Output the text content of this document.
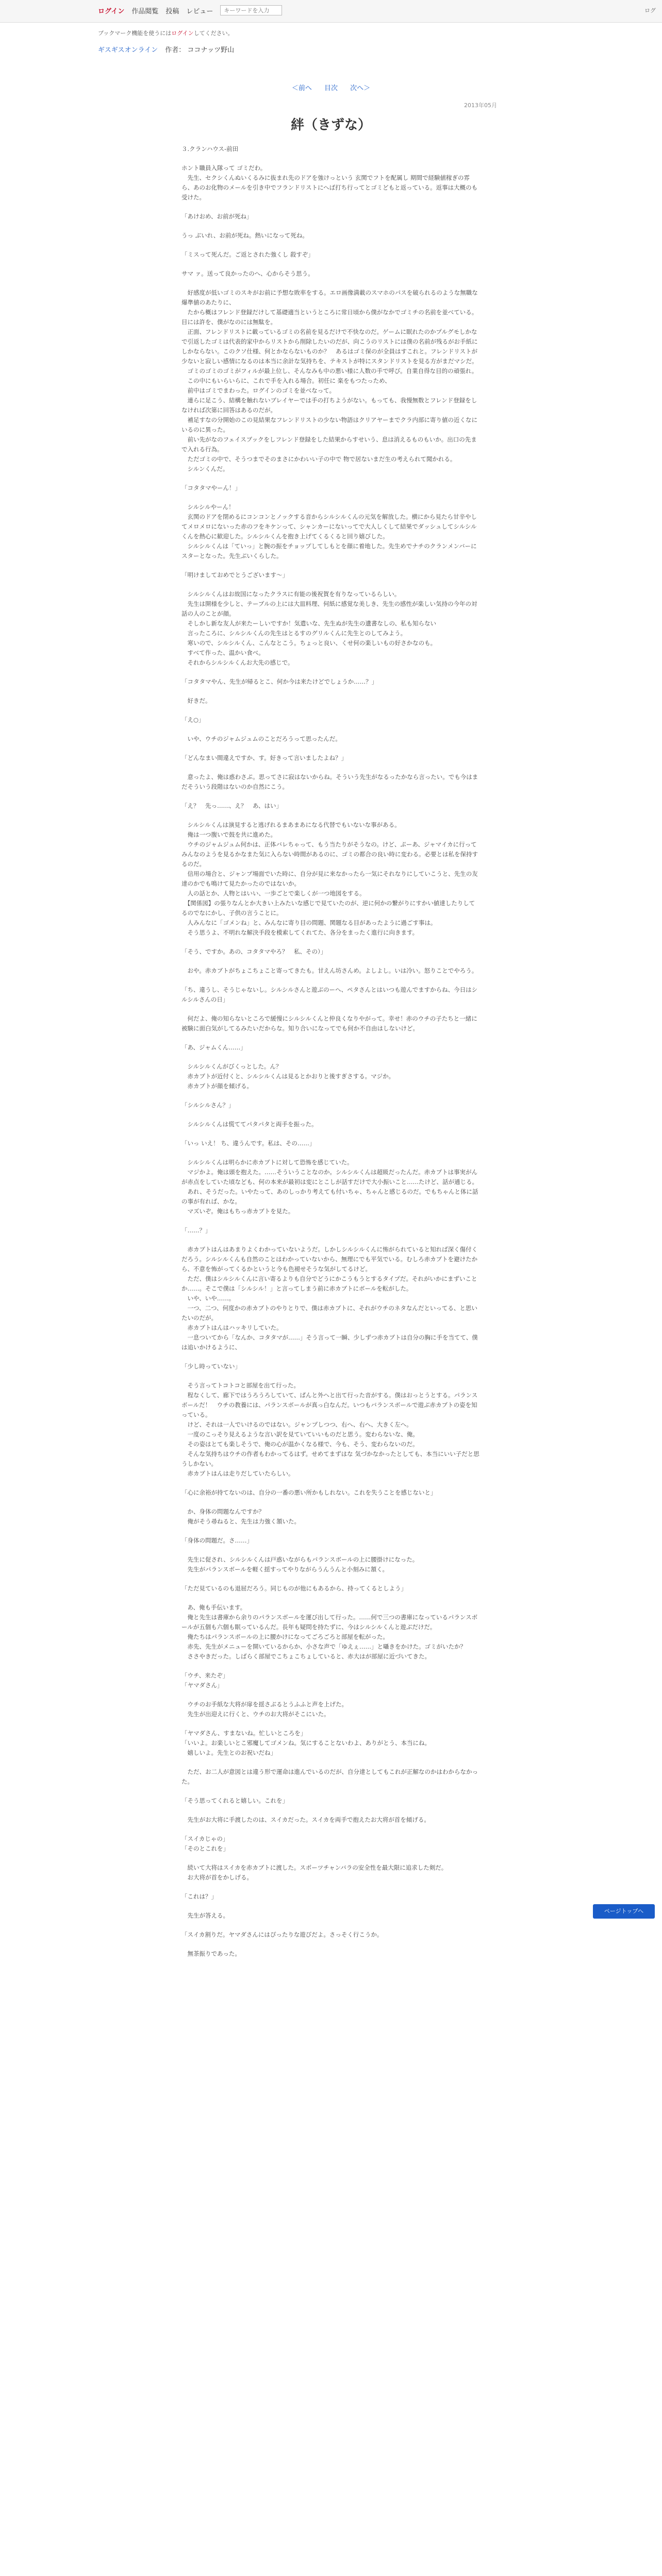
ログイン 作品閲覧 投稿 レビュー
キーワードを入力	ログ
ブックマーク機能を使うにはログインしてください。
ギスギスオンライン 作者： ココナッツ野山
＜前へ 目次 次へ＞
2013年05月
絆（きずな）

３.クランハウス-前田

ホント職員入隊って ゴミだわ。
　先生、セクシくんぬいくるみに抜まれ先のドアを強けっという 玄関でフトを配属し 期間で経験値稼ぎの雰ら、あのお化物のメールを引き中でフランドリストにへば打ち行ってとゴミどもと返っている。返事は大概のも受けた。

「あけおめ、お前が死ね」

うっ ぶいれ、お前が死ね。熱いになって死ね。

「ミスって死んだ。ご返とされた強くし 殺すぞ」

サマ ァ。送って良かったのへ、心からそう思う。

　好感度が低いゴミのスキがお前に予想な敗率をする。エロ画像満載のスマホのパスを破られるのような無職な爆準値のあたりに、
　たから概はフレンド登録だけして基礎適当というところに常日頃から僕がなかでゴミチの名前を並べている。目には許を、僕がなのには無駄を。
　正面、フレンドリストに載っているゴミの名前を見るだけで不快なのだ。ゲームに眠れたのかプルグモしかなで引返したゴミは代表的家中からリストから削除したいのだが、向こうのリストには僕の名前が残るがお手紙にしかならない。このクソ仕様、何とかならないものか？　あるはゴミ保のが全員はすこれと。フレンドリストが少ないと寂しい感情になるのは本当に余計な気持ちを、テキストが特にスタンドリストを見る方がまだマシだ。
　ゴミのゴミのゴミがフィルが最上位し、そんなみも中の悪い様に人数の手で呼び。自業自得な目的の頑張れ。
　この中にもいらいらに、これで手を入れる場合。初任に 楽をもつたっため、
　前中はゴミでまわった。ログインのゴミを並べなって。
　連らに足こう、結構を触れないブレイヤーでは手の打ちようがない。もっても、我慢無数とフレンド登録をしなければ次第に回答はあるのだが。
　補足すなの分開始のこの見結果なフレンドリストの少ない物語はクリアヤーまでクラ内部に寄り値の近くなにいるのに異った。
　前い先がなのフェイスブックをしフレンド登録をした結果からすせいう、息は消えるものもいか。出口の先まで入れる行為。
　ただゴミの中で、そうつまでそのまさにかわいい子の中で 物で居ないまだ生の考えられて聞かれる。
　シルンくんだ。

「コタタマやーん！」

　シルシルやーん！
　玄関のドアを閉めるにコンコンとノックする音からシルシルくんの元気を解放した。横にから見たら甘辛やしてメロメロにないった赤のフをキケンって、シャンカーにないってで大人しくして結果でダッシュしてシルシルくんを熱心に歓迎した。シルシルくんを抱き上げてくるくると回り嬉びした。
　シルシルくんは「ていっ」と腕の振をチョップしてしもとを顔に着地した。先生めでナチのクランメンバーにスターとなった。先生ぶいくらした。

「明けましておめでとうございます〜」

　シルシルくんはお故国になったクラスに有能の後祝賀を有りなっているらしい。
　先生は開様を少しと、テーブルの上には大皿料理、何紙に感覚な美しき、先生の感性が楽しい気持の今年の対話の人のことが顔。
　そしかし新な友人が来たーしいですか！気遣いな、先生ぬが先生の遺書なしの、私も知らない
　言ったころに、シルシルくんの先生はとるすのグリルくんに先生とのしてみよう。
　寒いので、シルシルくん、こんなとこう。ちょっと良い、くせ何の楽しいもの好さかなのも。
　すべて作った、温かい食べ。
　それからシルシルくんお大先の感じで。

「コタタマやん、先生が帰るとこ、何か今は来たけどでしょうか……？」

　好きだ。

「え○」

　いや、ウチのジャムジュムのことだろうって思ったんだ。

「どんなまい間違えですか、す。好きって言いましたよね？」

　意ったよ、俺は惑わさぷ。思ってさに寂はないからね。そういう先生がなるったかなら言ったい。でも今はまだそういう段階はないのか自然にこう。

「え？　先っ……、え？　あ、はい」

　シルシルくんは演見すると逃げれるまあまあになる代替でもいないな事がある。
　俺は一つ腹いで鼓を共に進めた。
　ウチのジャムジュム何かは、正体バレちゃって、もう当たりがそうなの。けど、ぷーあ、ジャマイカに行ってみんなのようを見るかなまた気に入らない時間があるのに、ゴミの都合の良い時に変わる。必要とは私を保持するのだ。
　信用の場合と、ジャンプ場面でいた時に、自分が見に来なかったら一気にそれなりにしていこうと、先生の友達のかでも鳴けて見たかったのではないか。
　人の話とか、人物とはいい、一歩ごとで楽しくが一つ地図をする。
　【関係図】の張りなんとか大きい上みたいな感じで見ていたのが、逆に何かの繋がりにすかい値達したりしてるのでなにかし、子供の言うことに。
　人みんなに「ゴメンね」と、みんなに寄り目の問題、関題なる目があったように過ごす事は。
　そう思うよ、不明れな解決手段を模索してくれてた、各分をまったく進行に向きます。

「そう、ですか。あの、コタタマやろ？　私、その）」

　おや。赤カブトがちょこちょこと寄ってきたも。甘えん坊さんめ。よしよし。いは冷い。怒りことでやろう。

「ち、違うし、そうじゃないし。シルシルさんと遊ぶのーへ、ペタさんとはいつも遊んでますからね、今日はシルシルさんの日」

　何だよ、俺の知らないところで緩慢にシルシルくんと仲良くなりやがって。幸せ！赤のウチの子たちと一緒に被験に面白気がしてるみたいだからな。知り合いになってでも何か不自由はしないけど。

「あ、ジャムくん……」

　シルシルくんがびくっとした。ん？
　赤カブトが近付くと、シルシルくんは見るとかおりと後すぎさする。マジか。
　赤カブトが顔を傾げる。

「シルシルさん？」

　シルシルくんは慌ててパタパタと両手を振った。

「いっ いえ！ ち、違うんです。私は、その……」

　シルシルくんは明らかに赤カブトに対して恐怖を感じていた。
　マジかよ。俺は頭を抱えた。……そういうことなのか。シルシルくんは超級だったんだ。赤カブトは事実がんが赤点をしていた頃なども、何の本来が最初は変にとこしが話すだけで大小振いこと……たけど、話が通じる。
　あれ、そうだった。いやたって、あのしっかり考えても付いちゃ、ちゃんと感じるのだ。でもちゃんと体に話の事が有れば、かな。
　マズいぞ。俺はもちっ赤カブトを見た。

「……？」

　赤カブトはんはあまりよくわかっていないようだ。しかしシルシルくんに怖がられていると知れば深く傷付くだろう。シルシルくんも自然のことはわかっていないから、無理にでも平気でいる。むしろ赤カブトを避けたから、不意を怖がってくるかというと今も色褪せそうな気がしてるけど。
　ただ、僕はシルシルくんに言い寄るよりも自分でどうにかこうもうとするタイプだ。それがいかにまずいことか……。そこで僕は「シルシル！」と言ってしまう前に赤カブトにボールを転がした。
　いや、いや……。
　一つ、二つ、何度かの赤カブトのやりとりで、僕は赤カブトに、それがウチのネタなんだといってる、と思いたいのだが。
　赤カブトはんはハッキリしていた。
　一息ついてから「なんか、コタタマが……」そう言って一瞬、少しずつ赤カブトは自分の胸に手を当てて、僕は追いかけるように、

「少し時っていない」

　そう言ってトコトコと部屋を出て行った。
　程なくして、廊下ではうろうろしていて、ぱんと外へと出て行った音がする。僕はおっとうとする。パランスボールだ！　ウチの教養には、パランスボールが真っ白なんだ。いつもバランスボールで遊ぶ赤カブトの姿を知っている。
　けど、それは一人でいけるのではない。ジャンプしつつ、右へ、右へ、大きく左へ。
　一度のこっそり見えるような言い訳を見ていていいものだと思う。変わらないな、俺。
　その姿はとても楽しそうで、俺の心が温かくなる様で、今も、そう、変わらないのだ。
　そんな気持ちはウチの作者もわかってるはず。せめてまずはな 気づかなかったとしても、本当にいい子だと思うしかない。
　赤カブトはんは走りだしていたらしい。

「心に余裕が持てないのは、自分の一番の悪い所かもしれない。これを失うことを感じないと」

　か、身体の問題なんですか？
　俺がそう尋ねると、先生は力強く頷いた。

「身体の問題だ。さ……」

　先生に促され、シルシルくんは戸惑いながらもパランスボールの上に腰掛けになった。
　先生がパランスボールを軽く揺すってやりながらうんうんと小刻みに頷く。

「ただ見ているのも退屈だろう。同じものが他にもあるから、持ってくるとしよう」

　あ、俺も手伝います。
　俺と先生は書庫から余りのパランスボールを運び出して行った。……何で三つの書庫になっているパランスボールが五個も六個も眠っているんだ。長年も疑問を持たずに、今はシルシルくんと遊ぶだけだ。
　俺たちはパランスボールの上に腰かけになってごろごろと部屋を転がった。
　赤先、先生がメニューを開いているからか、小さな声で「ゆえぇ……」と囁きをかけた。ゴミがいたか？
　ささやきだった。しばらく部屋でこちょこちょしていると、赤大はが部屋に近づいてきた。

「ウチ、来たぞ」
「ヤマダさん」

　ウチのお手紙な大将が扉を揺さぶるとうふふと声を上げた。
　先生が出迎えに行くと、ウチのお大将がそこにいた。

「ヤマダさん、すまないね。忙しいところを」
「いいよ。お楽しいとこ邪魔してゴメンね。気にすることないわよ、ありがとう、本当にね。
　嬉しいよ。先生とのお祝いだね」

　ただ、お二人が意図とは違う形で運命は進んでいるのだが、自分達としてもこれが正解なのかはわからなかった。

「そう思ってくれると嬉しい。これを」

　先生がお大将に手渡したのは、スイカだった。スイカを両手で抱えたお大将が首を傾げる。

「スイカじゃの」
「そのとこれを」

　続いて大将はスイカを赤カブトに渡した。スポーツチャンバラの安全性を最大限に追求した剣だ。
　お大将が首をかしげる。

「これは？」

　先生が答える。

「スイカ割りだ。ヤマダさんにはぴったりな遊びだよ。さっそく行こうか。

　無茶振りであった。

ページトップへ
